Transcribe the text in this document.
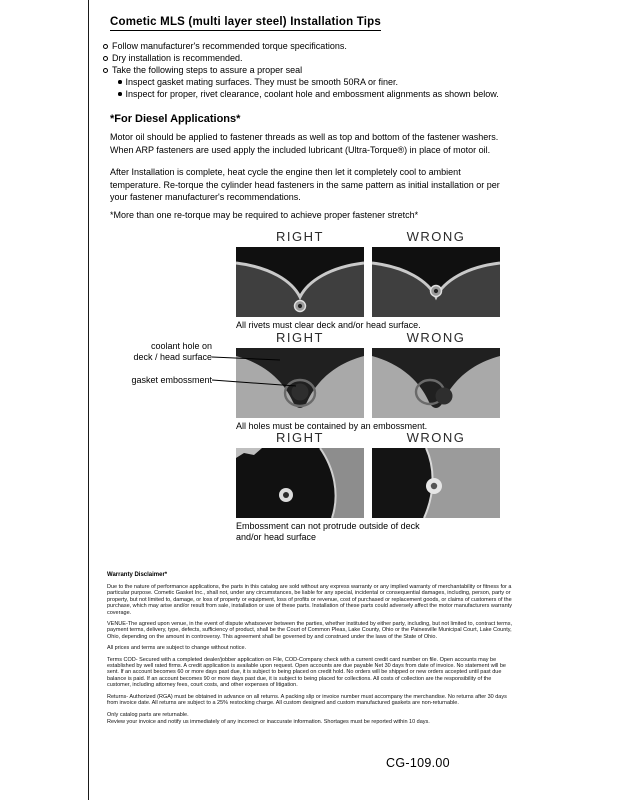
Cometic MLS (multi layer steel) Installation Tips
Follow manufacturer's recommended torque specifications.
Dry installation is recommended.
Take the following steps to assure a proper seal
Inspect gasket mating surfaces. They must be smooth 50RA or finer.
Inspect for proper, rivet clearance, coolant hole and embossment alignments as shown below.
*For Diesel Applications*
Motor oil should be applied to fastener threads as well as top and bottom of the fastener washers. When ARP fasteners are used apply the included lubricant (Ultra-Torque®) in place of motor oil.
After Installation is complete, heat cycle the engine then let it completely cool to ambient temperature. Re-torque the cylinder head fasteners in the same pattern as initial installation or per your fastener manufacturer's recommendations.
*More than one re-torque may be required to achieve proper fastener stretch*
RIGHT	WRONG
All rivets must clear deck and/or head surface.
RIGHT	WRONG
coolant hole on
deck / head surface
gasket embossment
All holes must be contained by an embossment.
RIGHT	WRONG
Embossment can not protrude outside of deck and/or head surface
Warranty Disclaimer*
Due to the nature of performance applications, the parts in this catalog are sold without any express warranty or any implied warranty of merchantability or fitness for a particular purpose. Cometic Gasket Inc., shall not, under any circumstances, be liable for any special, incidental or consequential damages, including, person, party or property, but not limited to, damage, or loss of property or equipment, loss of profits or revenue, cost of purchased or replacement goods, or claims of customers of the purchase, which may arise and/or result from sale, installation or use of these parts. Installation of these parts could adversely affect the motor manufacturers warranty coverage.
VENUE-The agreed upon venue, in the event of dispute whatsoever between the parties, whether instituted by either party, including, but not limited to, contract terms, payment terms, delivery, type, defects, sufficiency of product, shall be the Court of Common Pleas, Lake County, Ohio or the Painesville Municipal Court, Lake County, Ohio, depending on the amount in controversy. This agreement shall be governed by and construed under the laws of the State of Ohio.
All prices and terms are subject to change without notice.
Terms COD- Secured with a completed dealer/jobber application on File, COD-Company check with a current credit card number on file. Open accounts may be established by well rated firms. A credit application is available upon request. Open accounts are due payable Net 30 days from date of invoice. No statement will be sent. If an account becomes 60 or more days past due, it is subject to being placed on credit hold. No orders will be shipped or new orders accepted until past due balance is paid. If an account becomes 90 or more days past due, it is subject to being placed for collections. All costs of collection are the responsibility of the customer, including attorney fees, court costs, and other expenses of litigation.
Returns- Authorized (RGA) must be obtained in advance on all returns. A packing slip or invoice number must accompany the merchandise. No returns after 30 days from invoice date. All returns are subject to a 25% restocking charge. All custom designed and custom manufactured gaskets are non-returnable.
Only catalog parts are returnable.
Review your invoice and notify us immediately of any incorrect or inaccurate information. Shortages must be reported within 10 days.
CG-109.00
